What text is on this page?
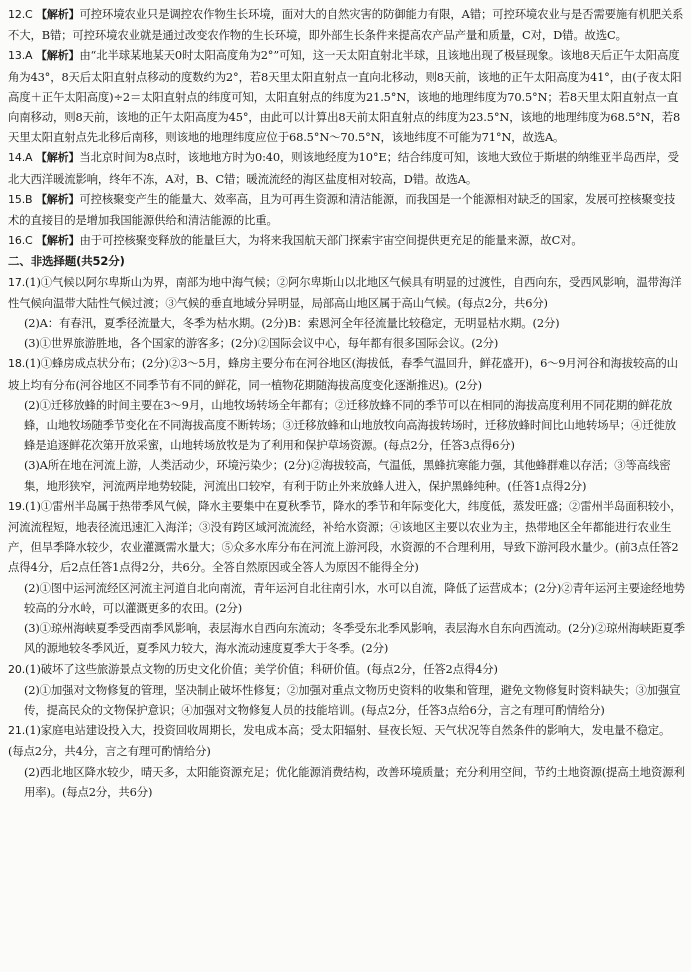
12.C 【解析】可控环境农业只是调控农作物生长环境，面对大的自然灾害的防御能力有限，A错；可控环境农业与是否需要施有机肥关系不大，B错；可控环境农业就是通过改变农作物的生长环境，即外部生长条件来提高农产品产量和质量，C对，D错。故选C。

13.A 【解析】由“北半球某地某天0时太阳高度角为2°”可知，这一天太阳直射北半球，且该地出现了极昼现象。该地8天后正午太阳高度角为43°，8天后太阳直射点移动的度数约为2°，若8天里太阳直射点一直向北移动，则8天前，该地的正午太阳高度为41°，由(子夜太阳高度＋正午太阳高度)÷2＝太阳直射点的纬度可知，太阳直射点的纬度为21.5°N，该地的地理纬度为70.5°N；若8天里太阳直射点一直向南移动，则8天前，该地的正午太阳高度为45°，由此可以计算出8天前太阳直射点的纬度为23.5°N，该地的地理纬度为68.5°N，若8天里太阳直射点先北移后南移，则该地的地理纬度应位于68.5°N～70.5°N，该地纬度不可能为71°N，故选A。

14.A 【解析】当北京时间为8点时，该地地方时为0:40，则该地经度为10°E；结合纬度可知，该地大致位于斯堪的纳维亚半岛西岸，受北大西洋暖流影响，终年不冻，A对，B、C错；暖流流经的海区盐度相对较高，D错。故选A。

15.B 【解析】可控核聚变产生的能量大、效率高，且为可再生资源和清洁能源，而我国是一个能源相对缺乏的国家，发展可控核聚变技术的直接目的是增加我国能源供给和清洁能源的比重。

16.C 【解析】由于可控核聚变释放的能量巨大，为将来我国航天部门探索宇宙空间提供更充足的能量来源，故C对。

二、非选择题(共52分)

17.(1)①气候以阿尔卑斯山为界，南部为地中海气候；②阿尔卑斯山以北地区气候具有明显的过渡性，自西向东，受西风影响，温带海洋性气候向温带大陆性气候过渡；③气候的垂直地域分异明显，局部高山地区属于高山气候。(每点2分，共6分)
(2)A：有春汛，夏季径流量大，冬季为枯水期。(2分)B：索恩河全年径流量比较稳定，无明显枯水期。(2分)
(3)①世界旅游胜地，各个国家的游客多；(2分)②国际会议中心，每年都有很多国际会议。(2分)
18.(1)①蜂房成点状分布；(2分)②3～5月，蜂房主要分布在河谷地区(海拔低，春季气温回升，鲜花盛开)，6～9月河谷和海拔较高的山坡上均有分布(河谷地区不同季节有不同的鲜花，同一植物花期随海拔高度变化逐渐推迟)。(2分)
(2)①迁移放蜂的时间主要在3～9月，山地牧场转场全年都有；②迁移放蜂不同的季节可以在相同的海拔高度利用不同花期的鲜花放蜂，山地牧场随季节变化在不同海拔高度不断转场；③迁移放蜂和山地放牧向高海拔转场时，迁移放蜂时间比山地转场早；④迁徙放蜂是追逐鲜花次第开放采蜜，山地转场放牧是为了利用和保护草场资源。(每点2分，任答3点得6分)
(3)A所在地在河流上游，人类活动少，环境污染少；(2分)②海拔较高，气温低，黑蜂抗寒能力强，其他蜂群难以存活；③等高线密集，地形狭窄，河流两岸地势较陡，河流出口较窄，有利于防止外来放蜂人进入，保护黑蜂纯种。(任答1点得2分)
19.(1)①雷州半岛属于热带季风气候，降水主要集中在夏秋季节，降水的季节和年际变化大，纬度低，蒸发旺盛；②雷州半岛面积较小，河流流程短，地表径流迅速汇入海洋；③没有跨区域河流流经，补给水资源；④该地区主要以农业为主，热带地区全年都能进行农业生产，但旱季降水较少，农业灌溉需水量大；⑤众多水库分布在河流上游河段，水资源的不合理利用，导致下游河段水量少。(前3点任答2点得4分，后2点任答1点得2分，共6分。全答自然原因或全答人为原因不能得全分)
(2)①图中运河流经区河流主河道自北向南流，青年运河自北往南引水，水可以自流，降低了运营成本；(2分)②青年运河主要途经地势较高的分水岭，可以灌溉更多的农田。(2分)
(3)①琼州海峡夏季受西南季风影响，表层海水自西向东流动；冬季受东北季风影响，表层海水自东向西流动。(2分)②琼州海峡距夏季风的源地较冬季风近，夏季风力较大，海水流动速度夏季大于冬季。(2分)
20.(1)破坏了这些旅游景点文物的历史文化价值；美学价值；科研价值。(每点2分，任答2点得4分)
(2)①加强对文物修复的管理，坚决制止破坏性修复；②加强对重点文物历史资料的收集和管理，避免文物修复时资料缺失；③加强宣传，提高民众的文物保护意识；④加强对文物修复人员的技能培训。(每点2分，任答3点给6分，言之有理可酌情给分)
21.(1)家庭电站建设投入大，投资回收周期长，发电成本高；受太阳辐射、昼夜长短、天气状况等自然条件的影响大，发电量不稳定。(每点2分，共4分，言之有理可酌情给分)
(2)西北地区降水较少，晴天多，太阳能资源充足；优化能源消费结构，改善环境质量；充分利用空间，节约土地资源(提高土地资源利用率)。(每点2分，共6分)
